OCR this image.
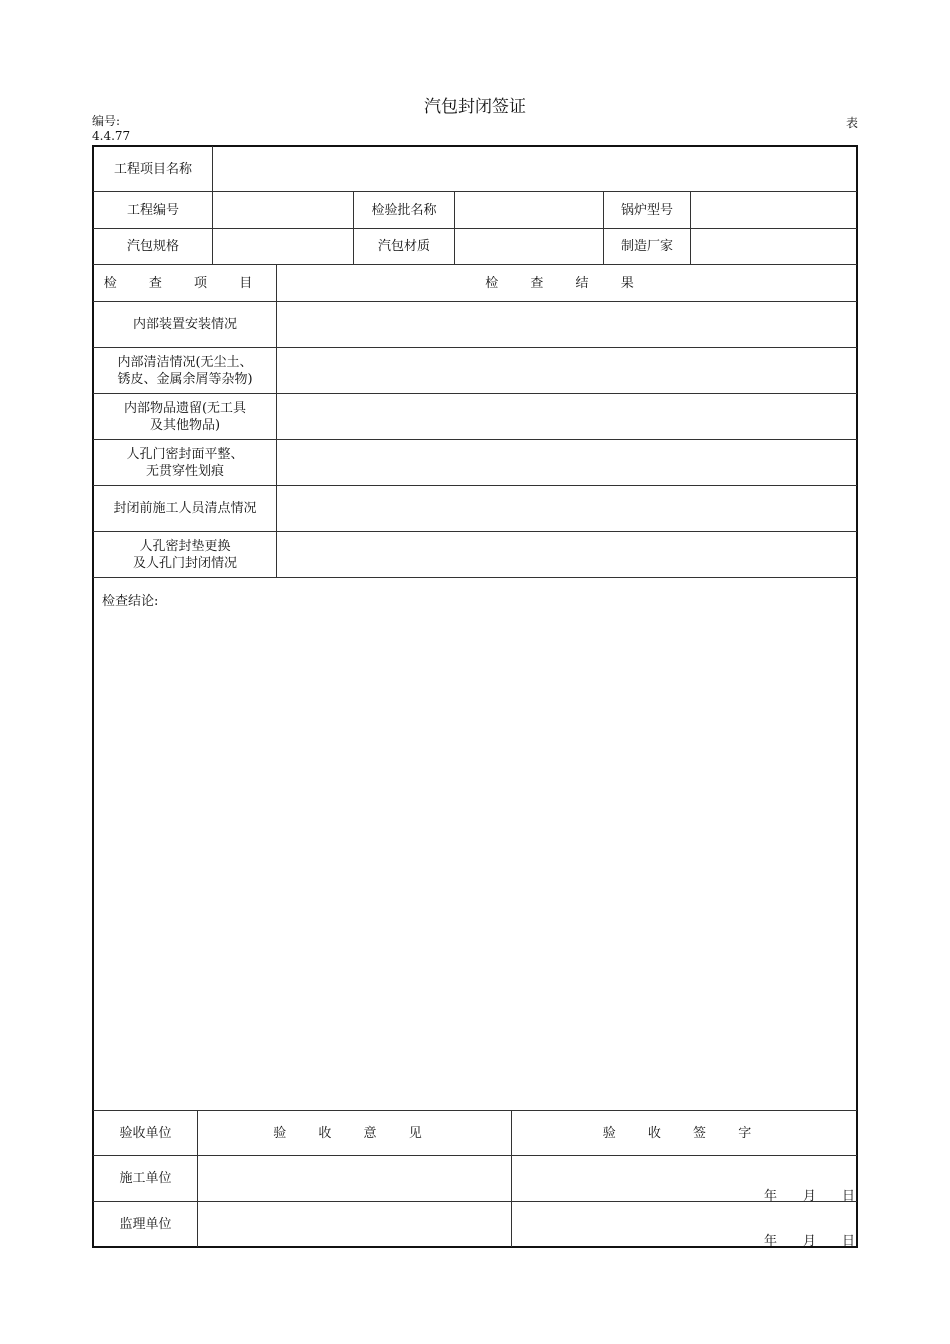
汽包封闭签证
编号:
4.4.77
表
工程项目名称
工程编号	检验批名称	锅炉型号
汽包规格	汽包材质	制造厂家
检 查 项 目	检 查 结 果
内部装置安装情况
内部清洁情况(无尘土、
锈皮、金属余屑等杂物)
内部物品遗留(无工具
及其他物品)
人孔门密封面平整、
无贯穿性划痕
封闭前施工人员清点情况
人孔密封垫更换
及人孔门封闭情况
检查结论:
验收单位	验 收 意 见	验 收 签 字
施工单位
年 月 日
监理单位
年 月 日
